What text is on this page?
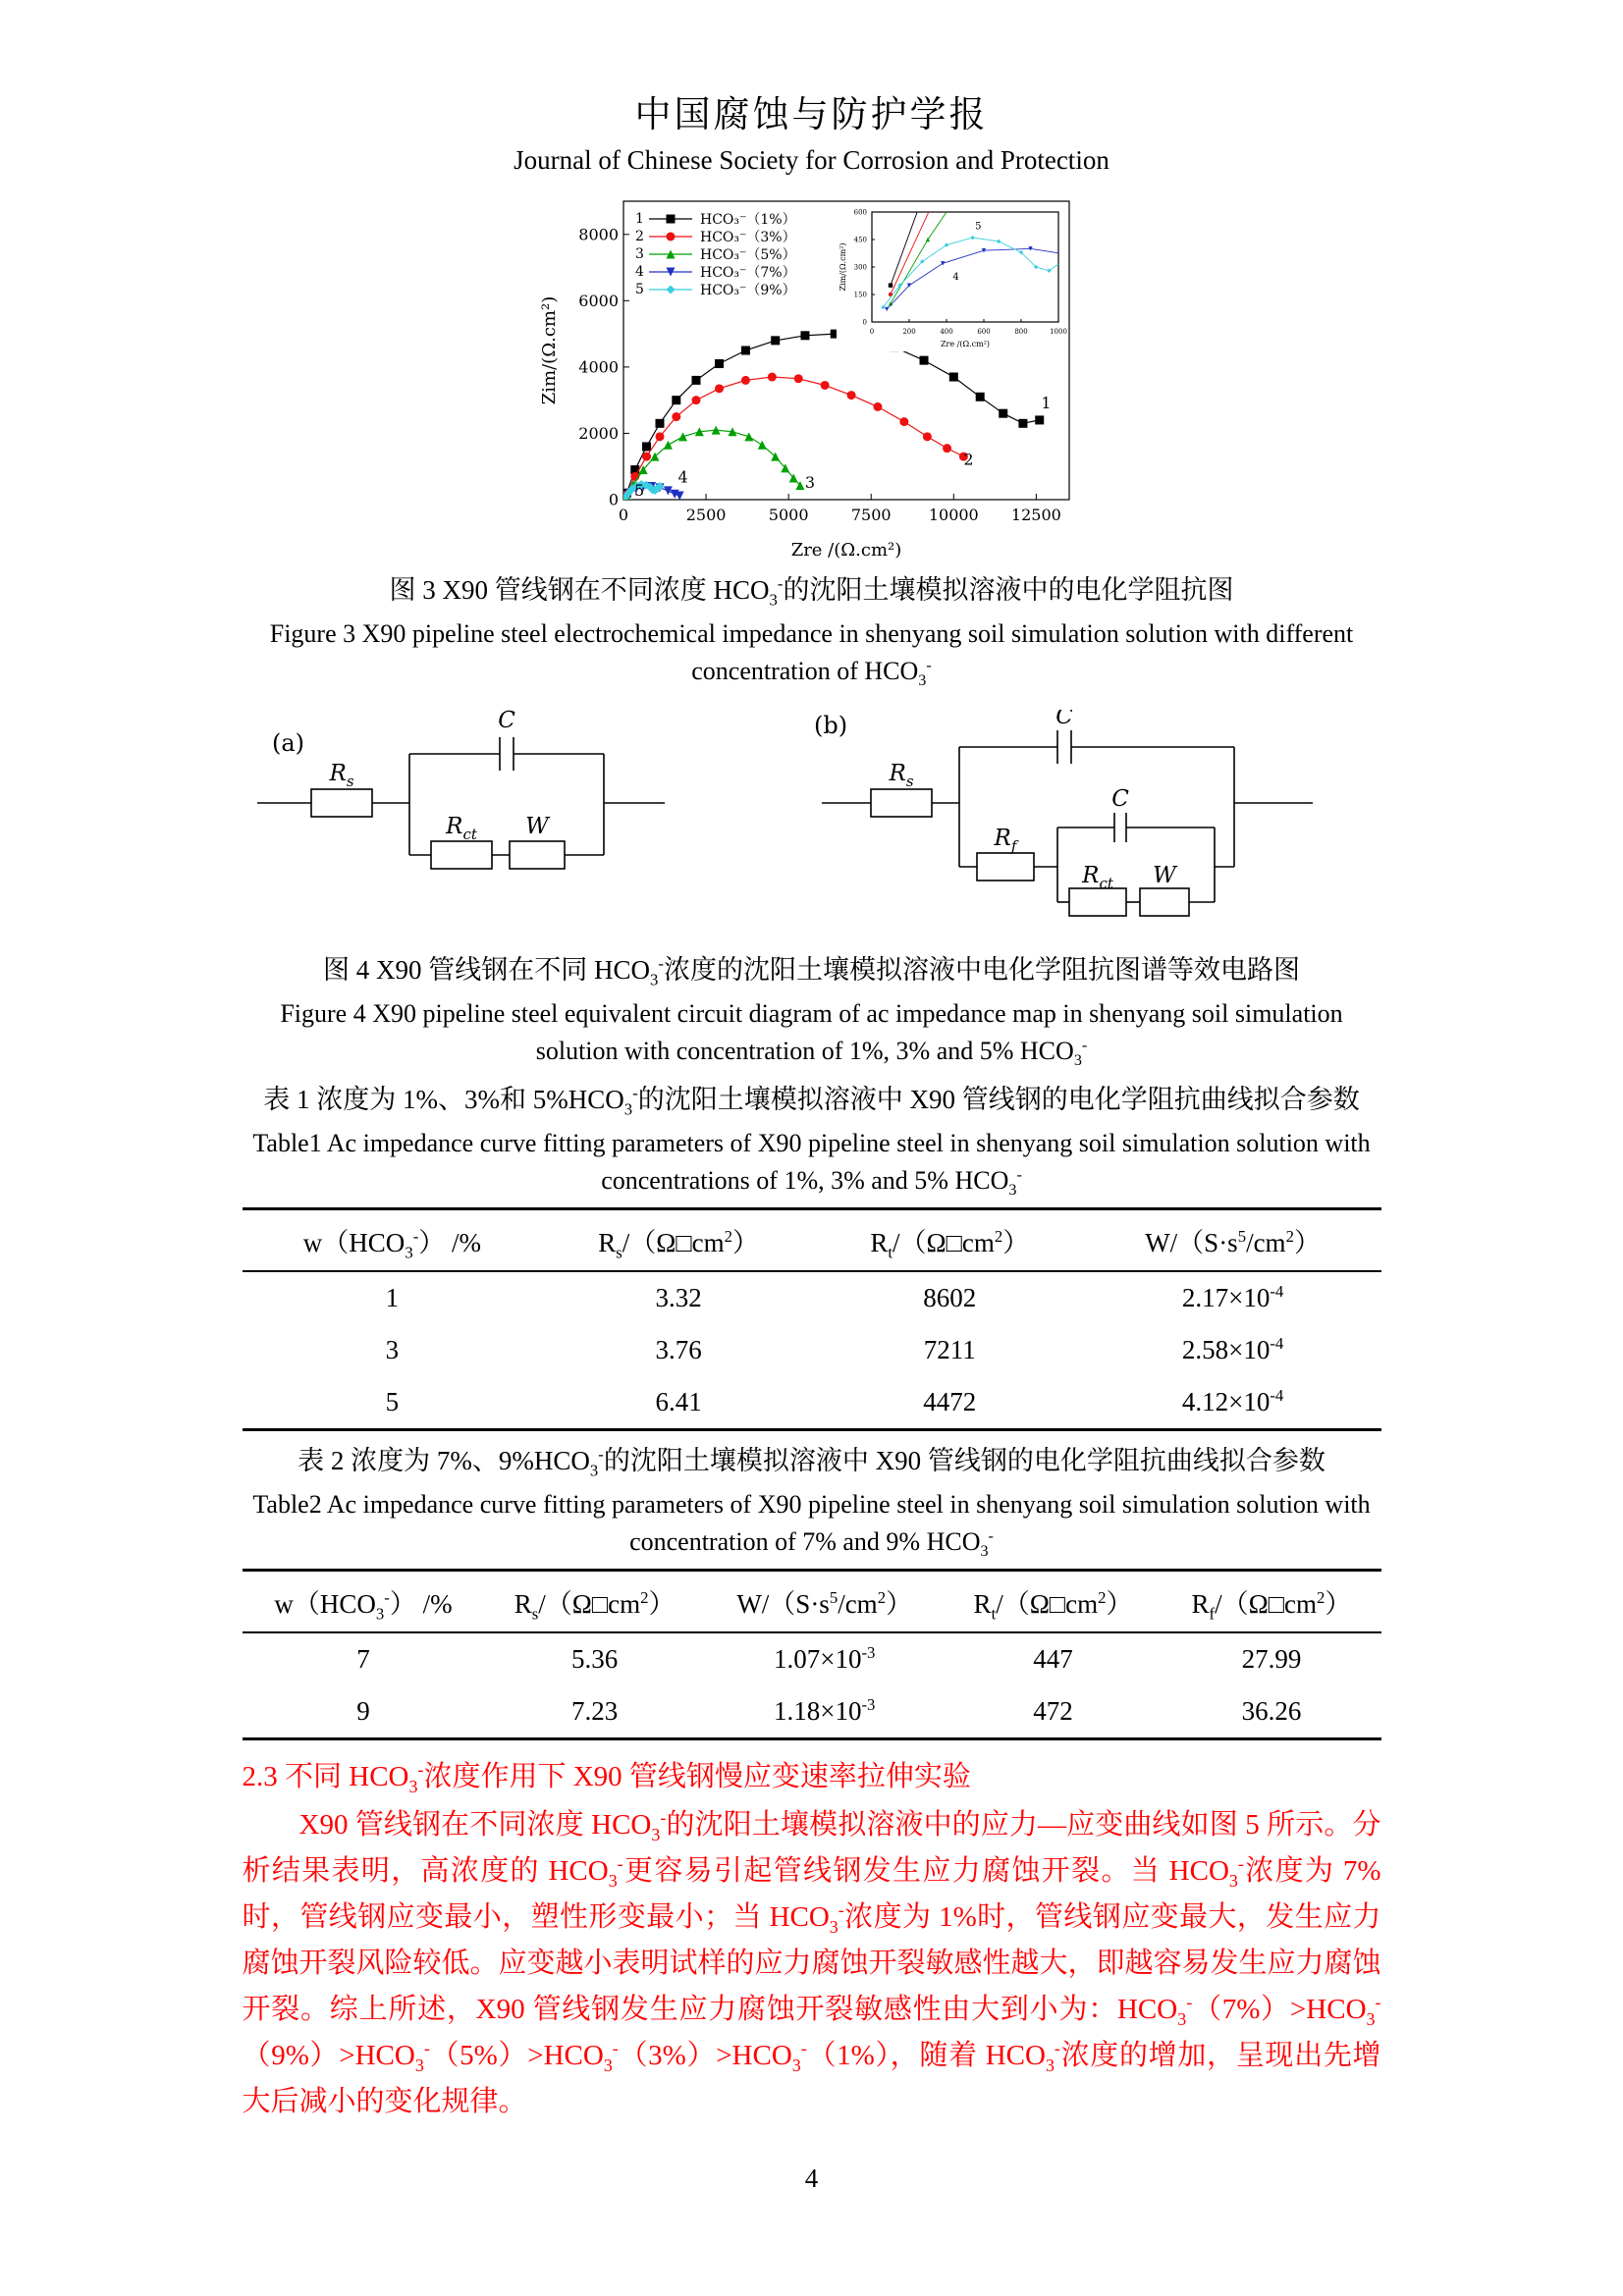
中国腐蚀与防护学报
Journal of Chinese Society for Corrosion and Protection
0	2500	5000	7500 10000 12500
0
2000
4000
6000
8000
Zre /(Ω.cm²)
Zim/(Ω.cm²)	1
2
3
4
5
1	HCO₃⁻（1%）
2	HCO₃⁻（3%）
3	HCO₃⁻（5%）
4	HCO₃⁻（7%）
5	HCO₃⁻（9%）
0	200	400	600	800	1000
0
150
300
450
600
Zre /(Ω.cm²)
Zim/(Ω.cm²)
5
4
图 3 X90 管线钢在不同浓度 $HCO_3^-$的沈阳土壤模拟溶液中的电化学阻抗图
Figure 3 X90 pipeline steel electrochemical impedance in shenyang soil simulation solution with different concentration of $HCO_3^-$
(a)
$R_s$
C
$R_{ct}$ W
(b)
$R_s$
C
$R_f$
C
$R_{ct}$ W
图 4 X90 管线钢在不同 $HCO_3^-$浓度的沈阳土壤模拟溶液中电化学阻抗图谱等效电路图
Figure 4 X90 pipeline steel equivalent circuit diagram of ac impedance map in shenyang soil simulation solution with concentration of 1%, 3% and 5% $HCO_3^-$
表 1 浓度为 1%、3%和 $5\%HCO_3^-$的沈阳土壤模拟溶液中 X90 管线钢的电化学阻抗曲线拟合参数
Table1 Ac impedance curve fitting parameters of X90 pipeline steel in shenyang soil simulation solution with concentrations of 1%, 3% and 5% $HCO_3^-$
$w(HCO_3^-)$ /%	$R_s/(\Omega□cm^2)$	$R_t/(\Omega□cm^2)$	$W/(S\cdot s^5/cm^2)$
1	3.32	8602	$2.17\times 10^{-4}$
3	3.76	7211	$2.58\times 10^{-4}$
5	6.41	4472	$4.12\times 10^{-4}$
表 2 浓度为 7%、$9\%HCO_3^-$的沈阳土壤模拟溶液中 X90 管线钢的电化学阻抗曲线拟合参数
Table2 Ac impedance curve fitting parameters of X90 pipeline steel in shenyang soil simulation solution with concentration of 7% and 9% $HCO_3^-$
$w(HCO_3^-)$ /%	$R_s/(\Omega□cm^2)$	$W/(S\cdot s^5/cm^2)$	$R_t/(\Omega□cm^2)$	$R_f/(\Omega□cm^2)$
7	5.36	$1.07\times 10^{-3}$	447	27.99
9	7.23	$1.18\times 10^{-3}$	472	36.26
2.3 不同 $HCO_3^-$浓度作用下 X90 管线钢慢应变速率拉伸实验

X90 管线钢在不同浓度 $HCO_3^-$的沈阳土壤模拟溶液中的应力—应变曲线如图 5 所示。分析结果表明，高浓度的 $HCO_3^-$更容易引起管线钢发生应力腐蚀开裂。当 $HCO_3^-$浓度为 7%时，管线钢应变最小，塑性形变最小；当 $HCO_3^-$浓度为 1%时，管线钢应变最大，发生应力腐蚀开裂风险较低。应变越小表明试样的应力腐蚀开裂敏感性越大，即越容易发生应力腐蚀开裂。综上所述，X90 管线钢发生应力腐蚀开裂敏感性由大到小为：$HCO_3^-(7\%)>HCO_3^-(9\%)>HCO_3^-(5\%)>HCO_3^-(3\%)>HCO_3^-(1\%)$，随着 $HCO_3^-$浓度的增加，呈现出先增大后减小的变化规律。

4
